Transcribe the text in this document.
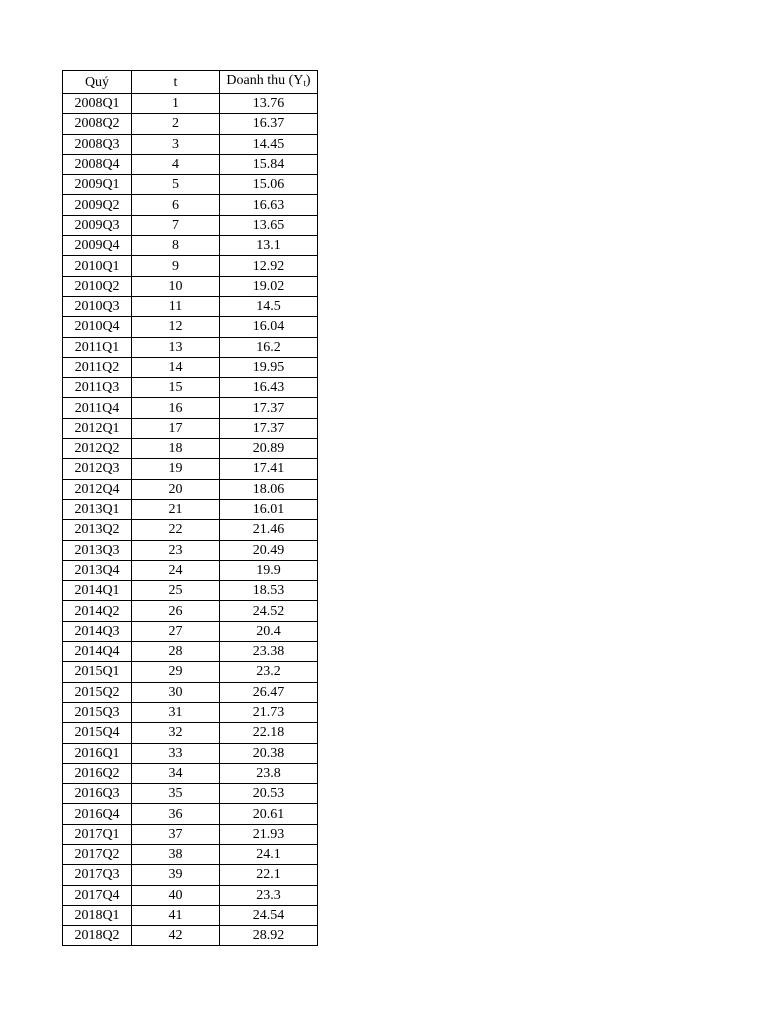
Quý	t	Doanh thu $(Y_t)$
2008Q1	1	13.76
2008Q2	2	16.37
2008Q3	3	14.45
2008Q4	4	15.84
2009Q1	5	15.06
2009Q2	6	16.63
2009Q3	7	13.65
2009Q4	8	13.1
2010Q1	9	12.92
2010Q2	10	19.02
2010Q3	11	14.5
2010Q4	12	16.04
2011Q1	13	16.2
2011Q2	14	19.95
2011Q3	15	16.43
2011Q4	16	17.37
2012Q1	17	17.37
2012Q2	18	20.89
2012Q3	19	17.41
2012Q4	20	18.06
2013Q1	21	16.01
2013Q2	22	21.46
2013Q3	23	20.49
2013Q4	24	19.9
2014Q1	25	18.53
2014Q2	26	24.52
2014Q3	27	20.4
2014Q4	28	23.38
2015Q1	29	23.2
2015Q2	30	26.47
2015Q3	31	21.73
2015Q4	32	22.18
2016Q1	33	20.38
2016Q2	34	23.8
2016Q3	35	20.53
2016Q4	36	20.61
2017Q1	37	21.93
2017Q2	38	24.1
2017Q3	39	22.1
2017Q4	40	23.3
2018Q1	41	24.54
2018Q2	42	28.92
